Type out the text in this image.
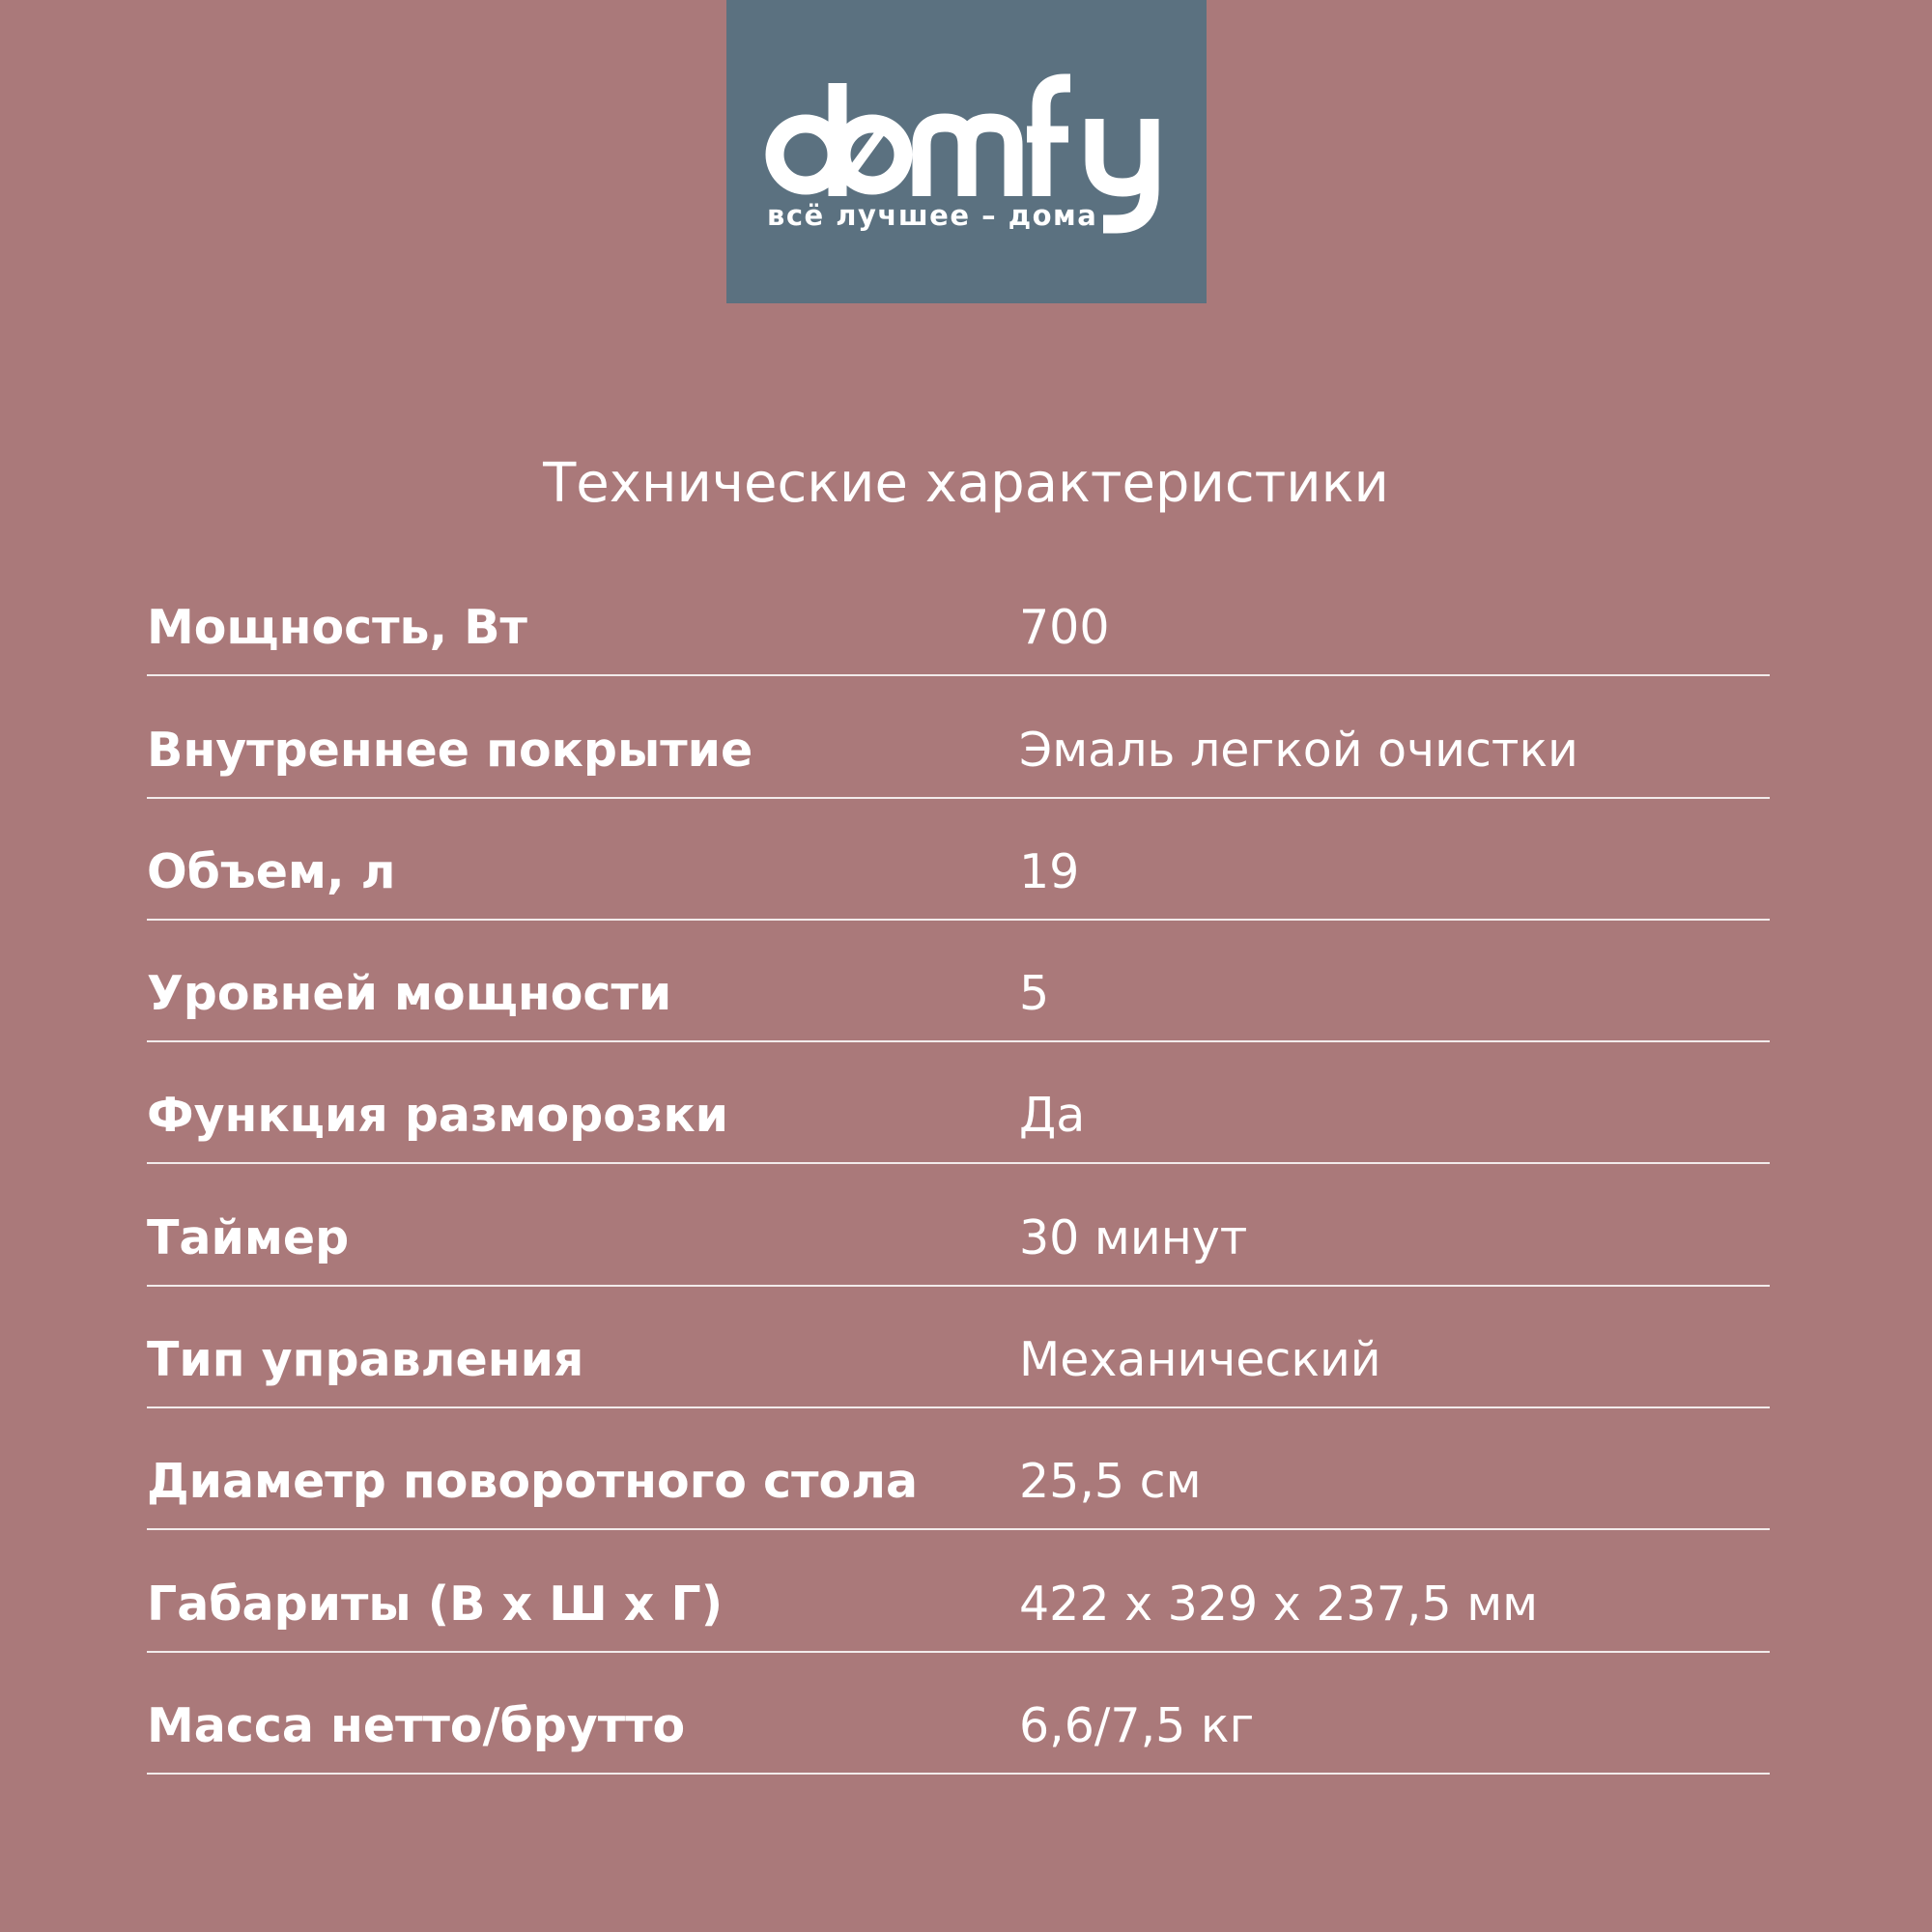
всё лучшее – дома
Технические характеристики
Мощность, Вт	700
Внутреннее покрытие	Эмаль легкой очистки
Объем, л	19
Уровней мощности	5
Функция разморозки	Да
Таймер	30 минут
Тип управления	Механический
Диаметр поворотного стола 25,5 см
Габариты (В х Ш х Г)	422 х 329 х 237,5 мм
Масса нетто/брутто	6,6/7,5 кг
